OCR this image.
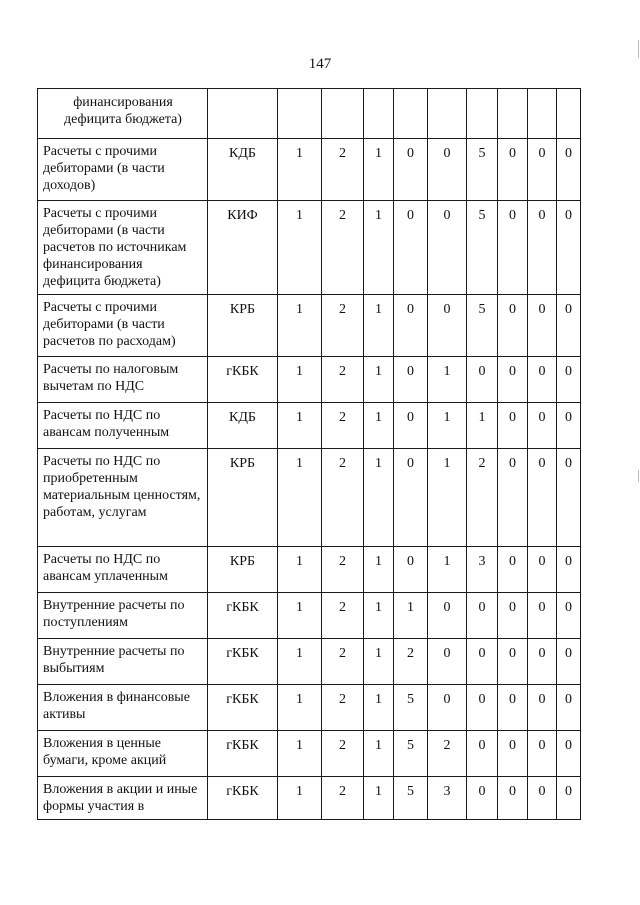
147
финансирования дефицита бюджета)										
Расчеты с прочими дебиторами (в части доходов)	КДБ	1	2	1	0	0	5	0	0	0
Расчеты с прочими дебиторами (в части расчетов по источникам финансирования дефицита бюджета)	КИФ	1	2	1	0	0	5	0	0	0
Расчеты с прочими дебиторами (в части расчетов по расходам)	КРБ	1	2	1	0	0	5	0	0	0
Расчеты по налоговым вычетам по НДС	гКБК	1	2	1	0	1	0	0	0	0
Расчеты по НДС по авансам полученным	КДБ	1	2	1	0	1	1	0	0	0
Расчеты по НДС по приобретенным материальным ценностям, работам, услугам	КРБ	1	2	1	0	1	2	0	0	0
Расчеты по НДС по авансам уплаченным	КРБ	1	2	1	0	1	3	0	0	0
Внутренние расчеты по поступлениям	гКБК	1	2	1	1	0	0	0	0	0
Внутренние расчеты по выбытиям	гКБК	1	2	1	2	0	0	0	0	0
Вложения в финансовые активы	гКБК	1	2	1	5	0	0	0	0	0
Вложения в ценные бумаги, кроме акций	гКБК	1	2	1	5	2	0	0	0	0
Вложения в акции и иные формы участия в	гКБК	1	2	1	5	3	0	0	0	0
